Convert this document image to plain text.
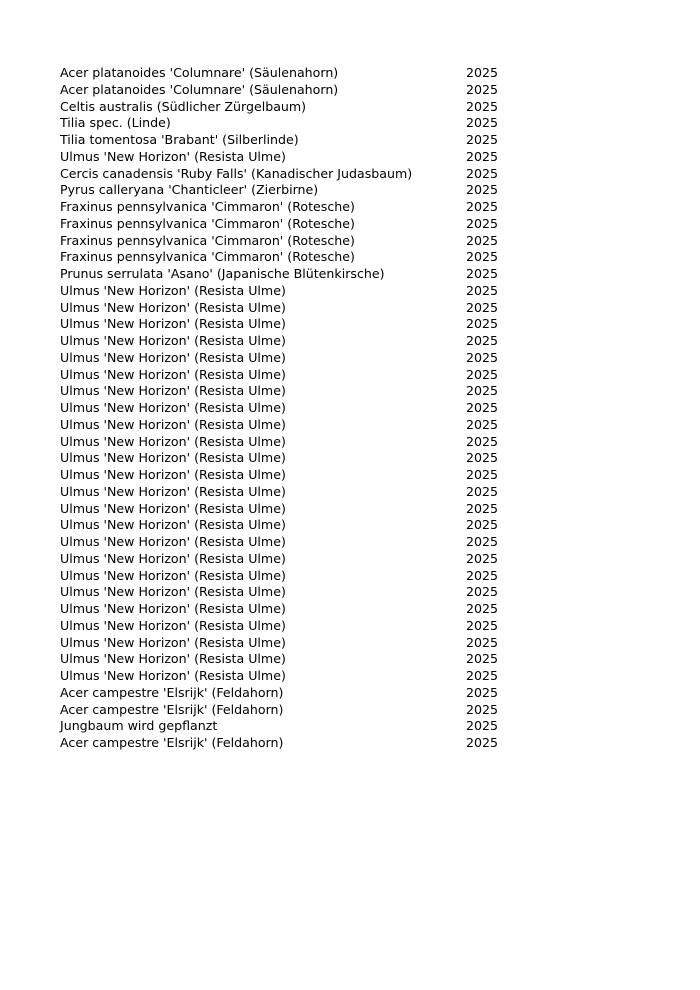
Acer platanoides 'Columnare' (Säulenahorn)	2025
Acer platanoides 'Columnare' (Säulenahorn)	2025
Celtis australis (Südlicher Zürgelbaum)	2025
Tilia spec. (Linde)	2025
Tilia tomentosa 'Brabant' (Silberlinde)	2025
Ulmus 'New Horizon' (Resista Ulme)	2025
Cercis canadensis 'Ruby Falls' (Kanadischer Judasbaum)	2025
Pyrus calleryana 'Chanticleer' (Zierbirne)	2025
Fraxinus pennsylvanica 'Cimmaron' (Rotesche)	2025
Fraxinus pennsylvanica 'Cimmaron' (Rotesche)	2025
Fraxinus pennsylvanica 'Cimmaron' (Rotesche)	2025
Fraxinus pennsylvanica 'Cimmaron' (Rotesche)	2025
Prunus serrulata 'Asano' (Japanische Blütenkirsche)	2025
Ulmus 'New Horizon' (Resista Ulme)	2025
Ulmus 'New Horizon' (Resista Ulme)	2025
Ulmus 'New Horizon' (Resista Ulme)	2025
Ulmus 'New Horizon' (Resista Ulme)	2025
Ulmus 'New Horizon' (Resista Ulme)	2025
Ulmus 'New Horizon' (Resista Ulme)	2025
Ulmus 'New Horizon' (Resista Ulme)	2025
Ulmus 'New Horizon' (Resista Ulme)	2025
Ulmus 'New Horizon' (Resista Ulme)	2025
Ulmus 'New Horizon' (Resista Ulme)	2025
Ulmus 'New Horizon' (Resista Ulme)	2025
Ulmus 'New Horizon' (Resista Ulme)	2025
Ulmus 'New Horizon' (Resista Ulme)	2025
Ulmus 'New Horizon' (Resista Ulme)	2025
Ulmus 'New Horizon' (Resista Ulme)	2025
Ulmus 'New Horizon' (Resista Ulme)	2025
Ulmus 'New Horizon' (Resista Ulme)	2025
Ulmus 'New Horizon' (Resista Ulme)	2025
Ulmus 'New Horizon' (Resista Ulme)	2025
Ulmus 'New Horizon' (Resista Ulme)	2025
Ulmus 'New Horizon' (Resista Ulme)	2025
Ulmus 'New Horizon' (Resista Ulme)	2025
Ulmus 'New Horizon' (Resista Ulme)	2025
Ulmus 'New Horizon' (Resista Ulme)	2025
Acer campestre 'Elsrijk' (Feldahorn)	2025
Acer campestre 'Elsrijk' (Feldahorn)	2025
Jungbaum wird gepflanzt	2025
Acer campestre 'Elsrijk' (Feldahorn)	2025
